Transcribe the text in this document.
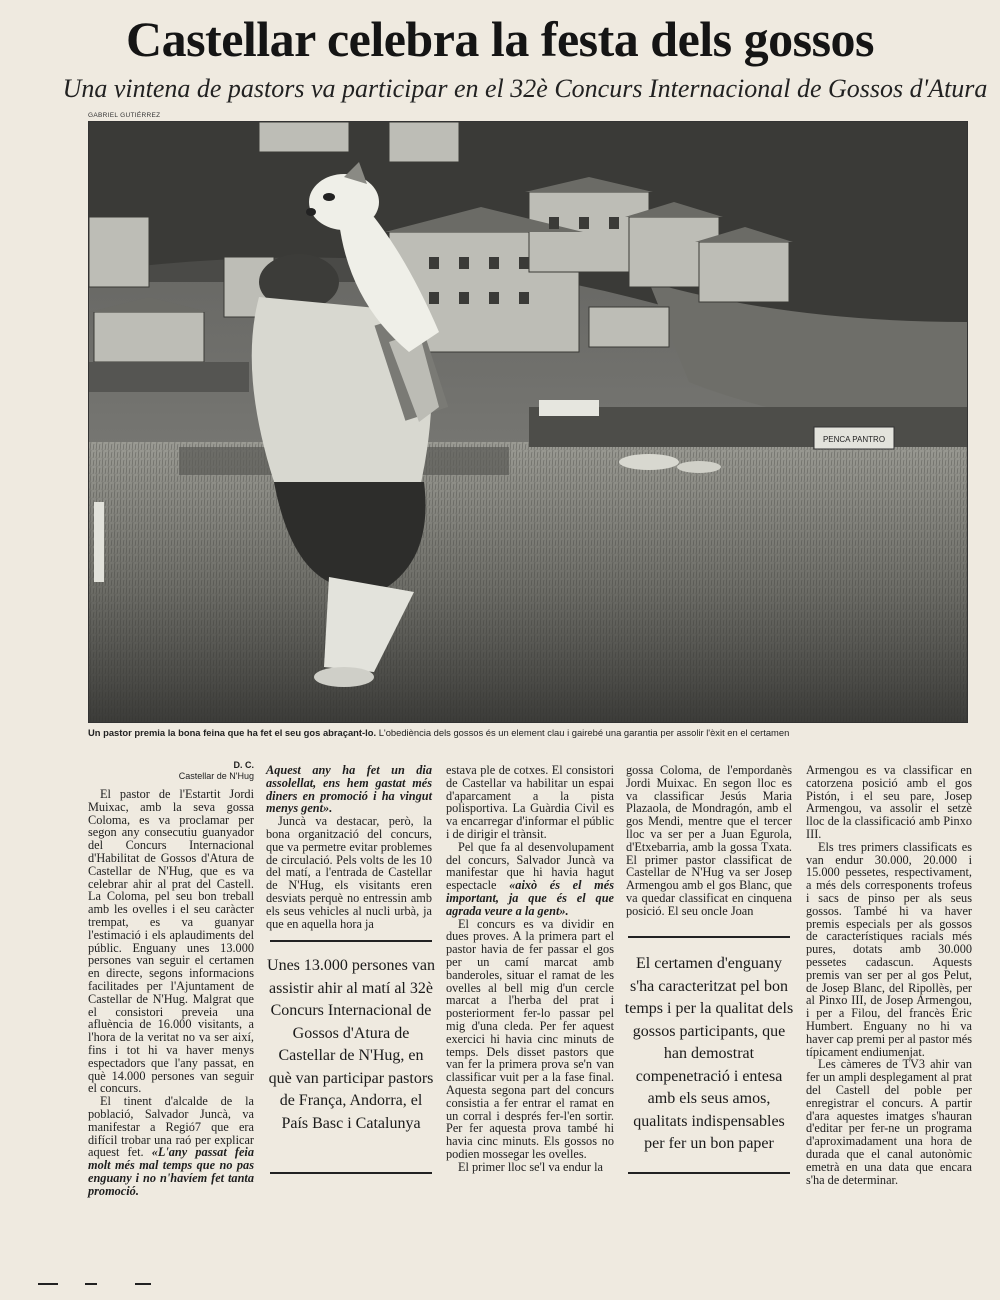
Castellar celebra la festa dels gossos
Una vintena de pastors va participar en el 32è Concurs Internacional de Gossos d'Atura
GABRIEL GUTIÉRREZ
PENCA PANTRO
Un pastor premia la bona feina que ha fet el seu gos abraçant-lo. L'obediència dels gossos és un element clau i gairebé una garantia per assolir l'èxit en el certamen
D. C.
Castellar de N'Hug

El pastor de l'Estartit Jordi Muixac, amb la seva gossa Coloma, es va proclamar per segon any consecutiu guanyador del Concurs Internacional d'Habilitat de Gossos d'Atura de Castellar de N'Hug, que es va celebrar ahir al prat del Castell. La Coloma, pel seu bon treball amb les ovelles i el seu caràcter trempat, es va guanyar l'estimació i els aplaudiments del públic. Enguany unes 13.000 persones van seguir el certamen en directe, segons informacions facilitades per l'Ajuntament de Castellar de N'Hug. Malgrat que el consistori preveia una afluència de 16.000 visitants, a l'hora de la veritat no va ser així, fins i tot hi va haver menys espectadors que l'any passat, en què 14.000 persones van seguir el concurs.

El tinent d'alcalde de la població, Salvador Juncà, va manifestar a Regió7 que era difícil trobar una raó per explicar aquest fet. «L'any passat feia molt més mal temps que no pas enguany i no n'havíem fet tanta promoció.

Aquest any ha fet un dia assolellat, ens hem gastat més diners en promoció i ha vingut menys gent».

Juncà va destacar, però, la bona organització del concurs, que va permetre evitar problemes de circulació. Pels volts de les 10 del matí, a l'entrada de Castellar de N'Hug, els visitants eren desviats perquè no entressin amb els seus vehicles al nucli urbà, ja que en aquella hora ja

Unes 13.000 persones van assistir ahir al matí al 32è Concurs Internacional de Gossos d'Atura de Castellar de N'Hug, en què van participar pastors de França, Andorra, el País Basc i Catalunya

estava ple de cotxes. El consistori de Castellar va habilitar un espai d'aparcament a la pista polisportiva. La Guàrdia Civil es va encarregar d'informar el públic i de dirigir el trànsit.

Pel que fa al desenvolupament del concurs, Salvador Juncà va manifestar que hi havia hagut espectacle «això és el més important, ja que és el que agrada veure a la gent».

El concurs es va dividir en dues proves. A la primera part el pastor havia de fer passar el gos per un camí marcat amb banderoles, situar el ramat de les ovelles al bell mig d'un cercle marcat a l'herba del prat i posteriorment fer-lo passar pel mig d'una cleda. Per fer aquest exercici hi havia cinc minuts de temps. Dels disset pastors que van fer la primera prova se'n van classificar vuit per a la fase final. Aquesta segona part del concurs consistia a fer entrar el ramat en un corral i després fer-l'en sortir. Per fer aquesta prova també hi havia cinc minuts. Els gossos no podien mossegar les ovelles.

El primer lloc se'l va endur la

gossa Coloma, de l'empordanès Jordi Muixac. En segon lloc es va classificar Jesús Maria Plazaola, de Mondragón, amb el gos Mendi, mentre que el tercer lloc va ser per a Juan Egurola, d'Etxebarria, amb la gossa Txata. El primer pastor classificat de Castellar de N'Hug va ser Josep Armengou amb el gos Blanc, que va quedar classificat en cinquena posició. El seu oncle Joan

El certamen d'enguany s'ha caracteritzat pel bon temps i per la qualitat dels gossos participants, que han demostrat compenetració i entesa amb els seus amos, qualitats indispensables per fer un bon paper

Armengou es va classificar en catorzena posició amb el gos Pistón, i el seu pare, Josep Armengou, va assolir el setzè lloc de la classificació amb Pinxo III.

Els tres primers classificats es van endur 30.000, 20.000 i 15.000 pessetes, respectivament, a més dels corresponents trofeus i sacs de pinso per als seus gossos. També hi va haver premis especials per als gossos de característiques racials més pures, dotats amb 30.000 pessetes cadascun. Aquests premis van ser per al gos Pelut, de Josep Blanc, del Ripollès, per al Pinxo III, de Josep Armengou, i per a Filou, del francès Eric Humbert. Enguany no hi va haver cap premi per al pastor més típicament endiumenjat.

Les càmeres de TV3 ahir van fer un ampli desplegament al prat del Castell del poble per enregistrar el concurs. A partir d'ara aquestes imatges s'hauran d'editar per fer-ne un programa d'aproximadament una hora de durada que el canal autonòmic emetrà en una data que encara s'ha de determinar.
